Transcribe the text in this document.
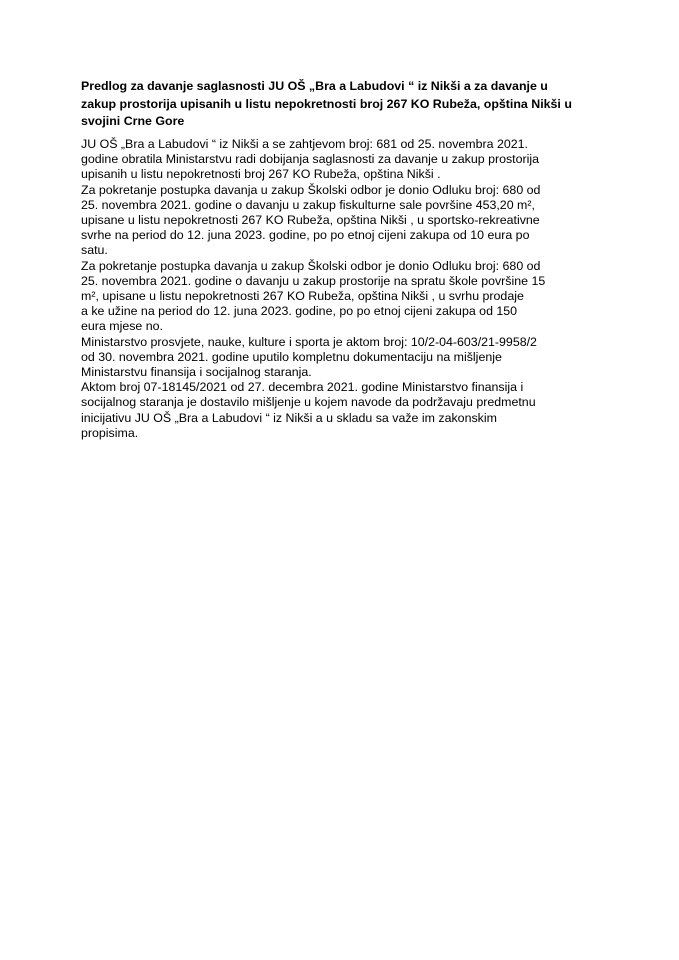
Predlog za davanje saglasnosti JU OŠ „Bra a Labudovi “ iz Nikši a za davanje u
zakup prostorija upisanih u listu nepokretnosti broj 267 KO Rubeža, opština Nikši u
svojini Crne Gore

JU OŠ „Bra a Labudovi “ iz Nikši a se zahtjevom broj: 681 od 25. novembra 2021.
godine obratila Ministarstvu radi dobijanja saglasnosti za davanje u zakup prostorija
upisanih u listu nepokretnosti broj 267 KO Rubeža, opština Nikši .

Za pokretanje postupka davanja u zakup Školski odbor je donio Odluku broj: 680 od
25. novembra 2021. godine o davanju u zakup fiskulturne sale površine 453,20 m²,
upisane u listu nepokretnosti 267 KO Rubeža, opština Nikši , u sportsko-rekreativne
svrhe na period do 12. juna 2023. godine, po po etnoj cijeni zakupa od 10 eura po
satu.

Za pokretanje postupka davanja u zakup Školski odbor je donio Odluku broj: 680 od
25. novembra 2021. godine o davanju u zakup prostorije na spratu škole površine 15
m², upisane u listu nepokretnosti 267 KO Rubeža, opština Nikši , u svrhu prodaje
a ke užine na period do 12. juna 2023. godine, po po etnoj cijeni zakupa od 150
eura mjese no.

Ministarstvo prosvjete, nauke, kulture i sporta je aktom broj: 10/2-04-603/21-9958/2
od 30. novembra 2021. godine uputilo kompletnu dokumentaciju na mišljenje
Ministarstvu finansija i socijalnog staranja.

Aktom broj 07-18145/2021 od 27. decembra 2021. godine Ministarstvo finansija i
socijalnog staranja je dostavilo mišljenje u kojem navode da podržavaju predmetnu
inicijativu JU OŠ „Bra a Labudovi “ iz Nikši a u skladu sa važe im zakonskim
propisima.
